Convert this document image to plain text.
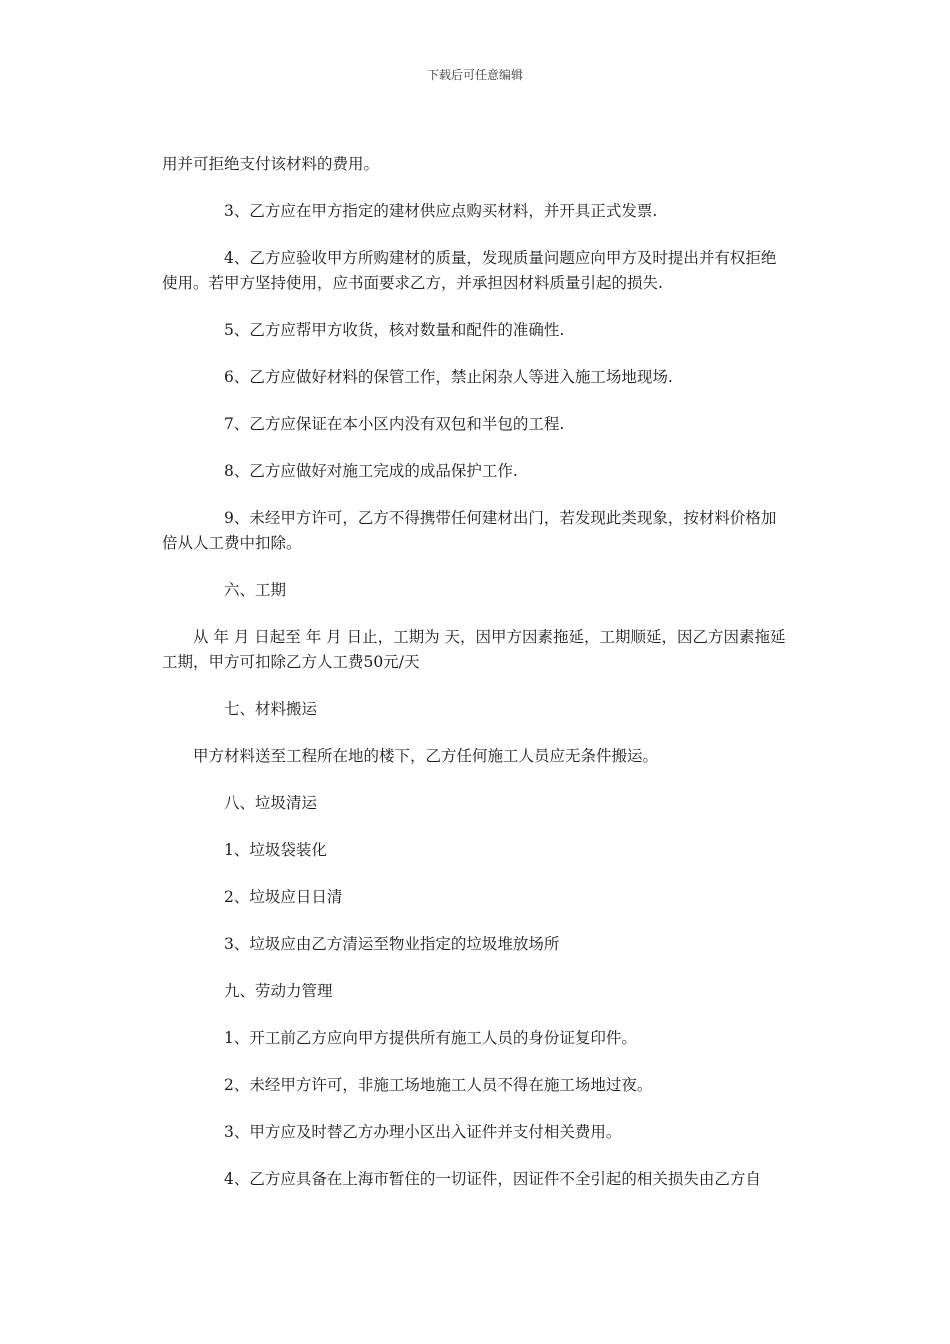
下载后可任意编辑

用并可拒绝支付该材料的费用。

3、乙方应在甲方指定的建材供应点购买材料，并开具正式发票.

4、乙方应验收甲方所购建材的质量，发现质量问题应向甲方及时提出并有权拒绝使用。若甲方坚持使用，应书面要求乙方，并承担因材料质量引起的损失.

5、乙方应帮甲方收货，核对数量和配件的准确性.

6、乙方应做好材料的保管工作，禁止闲杂人等进入施工场地现场.

7、乙方应保证在本小区内没有双包和半包的工程.

8、乙方应做好对施工完成的成品保护工作.

9、未经甲方许可，乙方不得携带任何建材出门，若发现此类现象，按材料价格加倍从人工费中扣除。

六、工期

从 年 月 日起至 年 月 日止，工期为 天，因甲方因素拖延，工期顺延，因乙方因素拖延工期，甲方可扣除乙方人工费50元/天

七、材料搬运

甲方材料送至工程所在地的楼下，乙方任何施工人员应无条件搬运。

八、垃圾清运

1、垃圾袋装化

2、垃圾应日日清

3、垃圾应由乙方清运至物业指定的垃圾堆放场所

九、劳动力管理

1、开工前乙方应向甲方提供所有施工人员的身份证复印件。

2、未经甲方许可，非施工场地施工人员不得在施工场地过夜。

3、甲方应及时替乙方办理小区出入证件并支付相关费用。

4、乙方应具备在上海市暂住的一切证件，因证件不全引起的相关损失由乙方自
